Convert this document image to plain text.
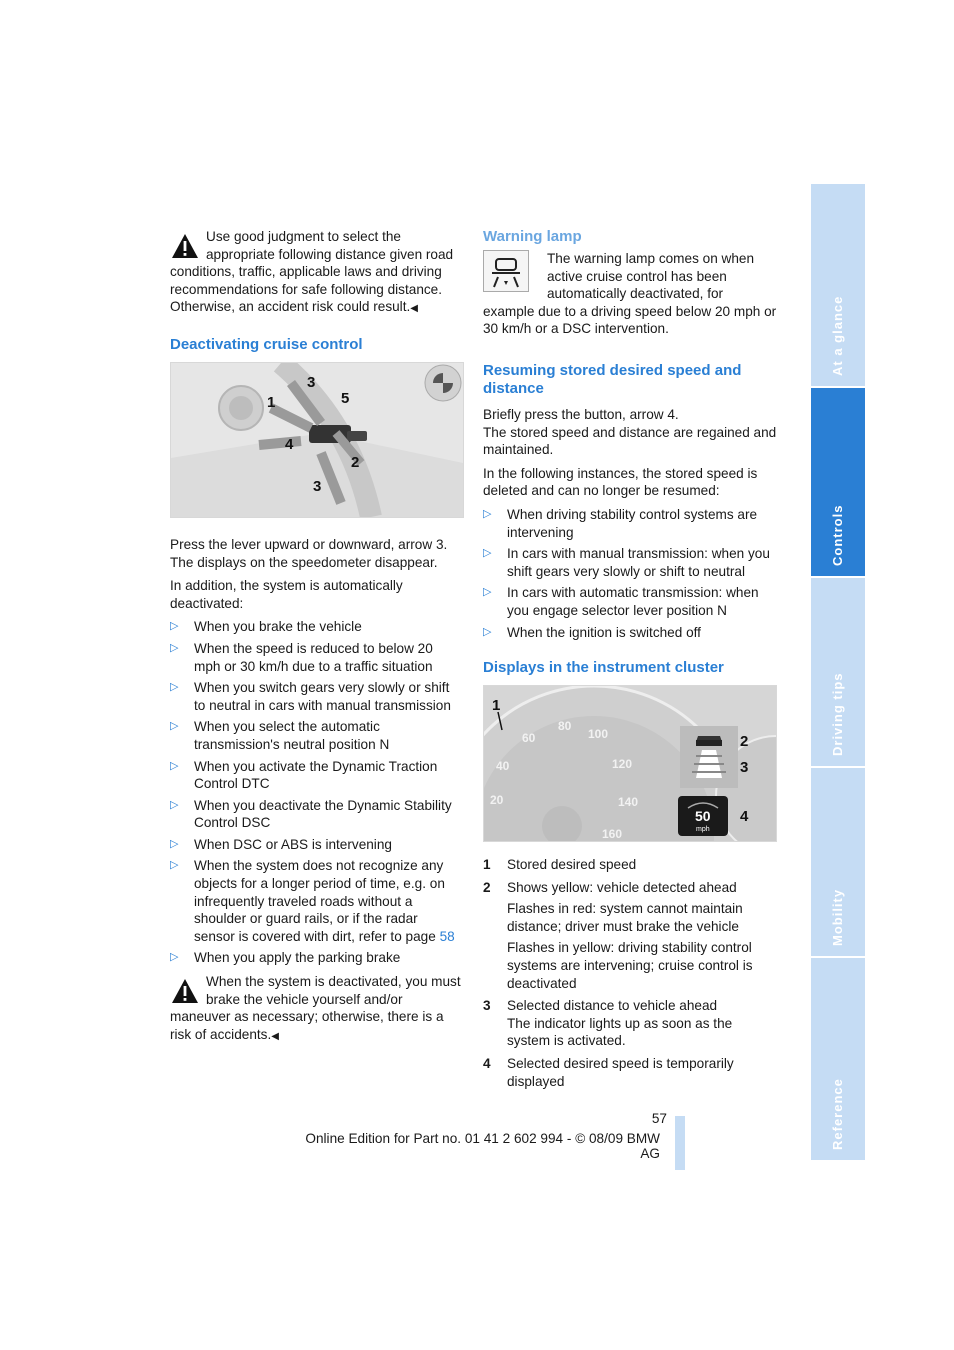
Use good judgment to select the appropriate following distance given road conditions, traffic, applicable laws and driving recommendations for safe following distance. Otherwise, an accident risk could result.◀

Deactivating cruise control
3
1	5
4
2
3

Press the lever upward or downward, arrow 3. The displays on the speedometer disappear.

In addition, the system is automatically deactivated:

▷ When you brake the vehicle
▷ When the speed is reduced to below 20 mph or 30 km/h due to a traffic situation
▷ When you switch gears very slowly or shift to neutral in cars with manual transmission
▷ When you select the automatic transmission's neutral position N
▷ When you activate the Dynamic Traction Control DTC
▷ When you deactivate the Dynamic Stability Control DSC
▷ When DSC or ABS is intervening
▷ When the system does not recognize any objects for a longer period of time, e.g. on infrequently traveled roads without a shoulder or guard rails, or if the radar sensor is covered with dirt, refer to page 58
▷ When you apply the parking brake

When the system is deactivated, you must brake the vehicle yourself and/or maneuver as necessary; otherwise, there is a risk of accidents.◀

Warning lamp

The warning lamp comes on when active cruise control has been automatically deactivated, for example due to a driving speed below 20 mph or 30 km/h or a DSC intervention.

Resuming stored desired speed and distance

Briefly press the button, arrow 4.

The stored speed and distance are regained and maintained.

In the following instances, the stored speed is deleted and can no longer be resumed:

▷ When driving stability control systems are intervening
▷ In cars with manual transmission: when you shift gears very slowly or shift to neutral
▷ In cars with automatic transmission: when you engage selector lever position N
▷ When the ignition is switched off
Displays in the instrument cluster
60
80
100
120
40
20	140
160
50
mph
1
2
3
4
1 Stored desired speed
2 Shows yellow: vehicle detected ahead
Flashes in red: system cannot maintain distance; driver must brake the vehicle
Flashes in yellow: driving stability control systems are intervening; cruise control is deactivated
3 Selected distance to vehicle ahead
The indicator lights up as soon as the system is activated.
4 Selected desired speed is temporarily displayed
At a glance
Controls
Driving tips
Mobility
Reference
57
Online Edition for Part no. 01 41 2 602 994 - © 08/09 BMW AG
